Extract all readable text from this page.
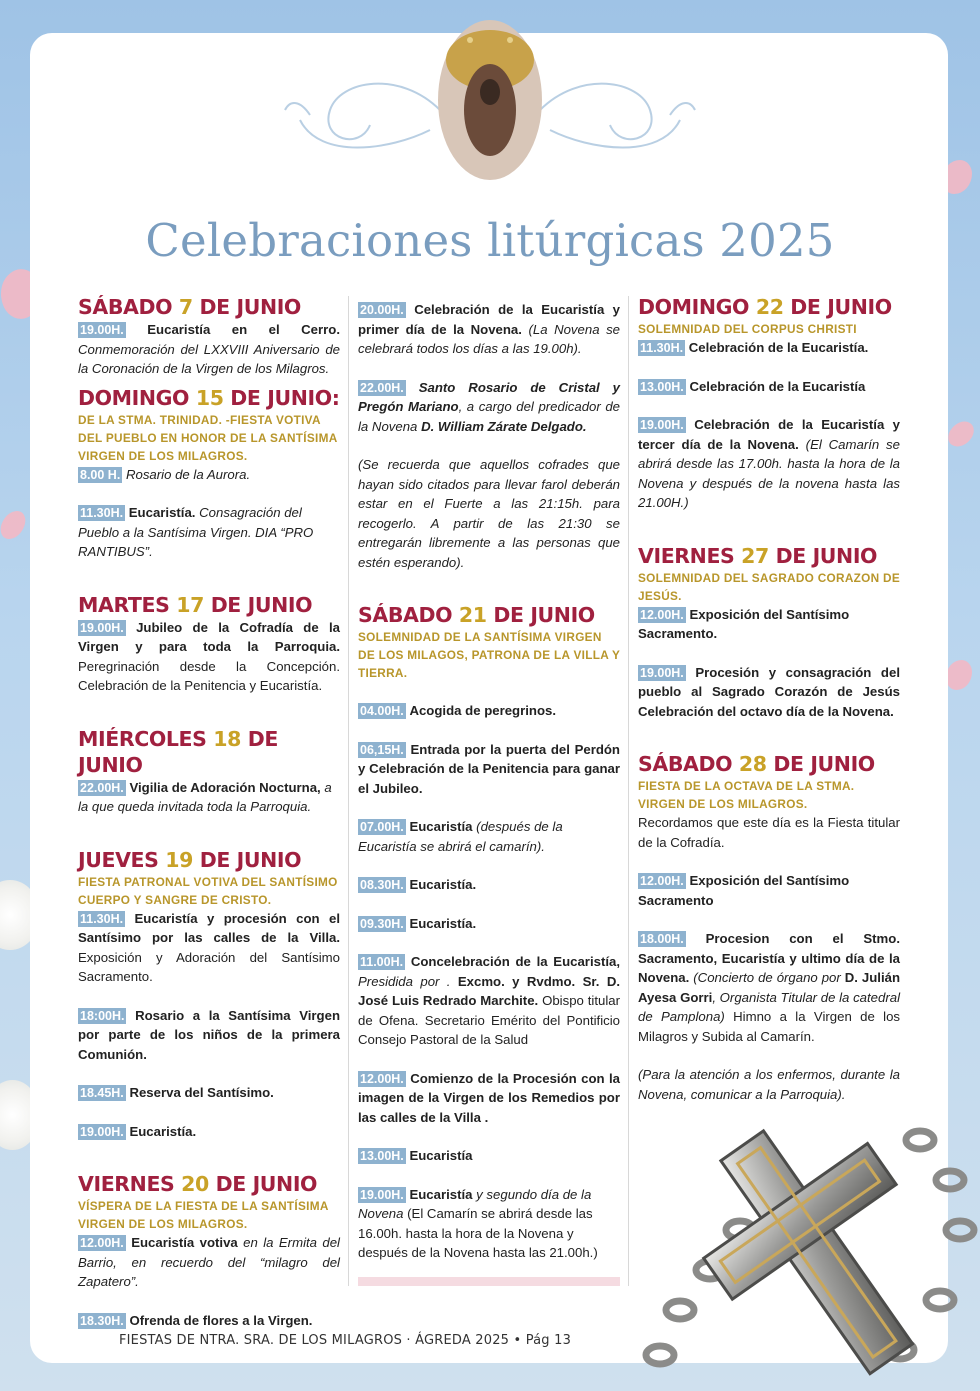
Celebraciones litúrgicas 2025
SÁBADO 7 DE JUNIO
19.00H. Eucaristía en el Cerro. Conmemoración del LXXVIII Aniversario de la Coronación de la Virgen de los Milagros.
DOMINGO 15 DE JUNIO:
DE LA STMA. TRINIDAD. -FIESTA VOTIVA DEL PUEBLO EN HONOR DE LA SANTÍSIMA VIRGEN DE LOS MILAGROS.
8.00 H. Rosario de la Aurora.
11.30H. Eucaristía. Consagración del Pueblo a la Santísima Virgen. DIA “PRO RANTIBUS”.
MARTES 17 DE JUNIO
19.00H. Jubileo de la Cofradía de la Virgen y para toda la Parroquia. Peregrinación desde la Concepción. Celebración de la Penitencia y Eucaristía.
MIÉRCOLES 18 DE JUNIO
22.00H. Vigilia de Adoración Nocturna, a la que queda invitada toda la Parroquia.
JUEVES 19 DE JUNIO
FIESTA PATRONAL VOTIVA DEL SANTÍSIMO CUERPO Y SANGRE DE CRISTO.
11.30H. Eucaristía y procesión con el Santísimo por las calles de la Villa. Exposición y Adoración del Santísimo Sacramento.
18:00H. Rosario a la Santísima Virgen por parte de los niños de la primera Comunión.
18.45H. Reserva del Santísimo.
19.00H. Eucaristía.
VIERNES 20 DE JUNIO
VÍSPERA DE LA FIESTA DE LA SANTÍSIMA VIRGEN DE LOS MILAGROS.
12.00H. Eucaristía votiva en la Ermita del Barrio, en recuerdo del “milagro del Zapatero”.
18.30H. Ofrenda de flores a la Virgen.
20.00H. Celebración de la Eucaristía y primer día de la Novena. (La Novena se celebrará todos los días a las 19.00h).
22.00H. Santo Rosario de Cristal y Pregón Mariano, a cargo del predicador de la Novena D. William Zárate Delgado.
(Se recuerda que aquellos cofrades que hayan sido citados para llevar farol deberán estar en el Fuerte a las 21:15h. para recogerlo. A partir de las 21:30 se entregarán libremente a las personas que estén esperando).
SÁBADO 21 DE JUNIO
SOLEMNIDAD DE LA SANTÍSIMA VIRGEN DE LOS MILAGOS, PATRONA DE LA VILLA Y TIERRA.
04.00H. Acogida de peregrinos.
06,15H. Entrada por la puerta del Perdón y Celebración de la Penitencia para ganar el Jubileo.
07.00H. Eucaristía (después de la Eucaristía se abrirá el camarín).
08.30H. Eucaristía.
09.30H. Eucaristía.
11.00H. Concelebración de la Eucaristía, Presidida por . Excmo. y Rvdmo. Sr. D. José Luis Redrado Marchite. Obispo titular de Ofena. Secretario Emérito del Pontificio Consejo Pastoral de la Salud
12.00H. Comienzo de la Procesión con la imagen de la Virgen de los Remedios por las calles de la Villa .
13.00H. Eucaristía
19.00H. Eucaristía y segundo día de la Novena (El Camarín se abrirá desde las 16.00h. hasta la hora de la Novena y después de la Novena hasta las 21.00h.)
DOMINGO 22 DE JUNIO
SOLEMNIDAD DEL CORPUS CHRISTI
11.30H. Celebración de la Eucaristía.
13.00H. Celebración de la Eucaristía
19.00H. Celebración de la Eucaristía y tercer día de la Novena. (El Camarín se abrirá desde las 17.00h. hasta la hora de la Novena y después de la novena hasta las 21.00H.)
VIERNES 27 DE JUNIO
SOLEMNIDAD DEL SAGRADO CORAZON DE JESÚS.
12.00H. Exposición del Santísimo Sacramento.
19.00H. Procesión y consagración del pueblo al Sagrado Corazón de Jesús Celebración del octavo día de la Novena.
SÁBADO 28 DE JUNIO
FIESTA DE LA OCTAVA DE LA STMA. VIRGEN DE LOS MILAGROS.
Recordamos que este día es la Fiesta titular de la Cofradía.
12.00H. Exposición del Santísimo Sacramento
18.00H. Procesion con el Stmo. Sacramento, Eucaristía y ultimo día de la Novena. (Concierto de órgano por D. Julián Ayesa Gorri, Organista Titular de la catedral de Pamplona) Himno a la Virgen de los Milagros y Subida al Camarín.
(Para la atención a los enfermos, durante la Novena, comunicar a la Parroquia).
FIESTAS DE NTRA. SRA. DE LOS MILAGROS · ÁGREDA 2025 • Pág 13
